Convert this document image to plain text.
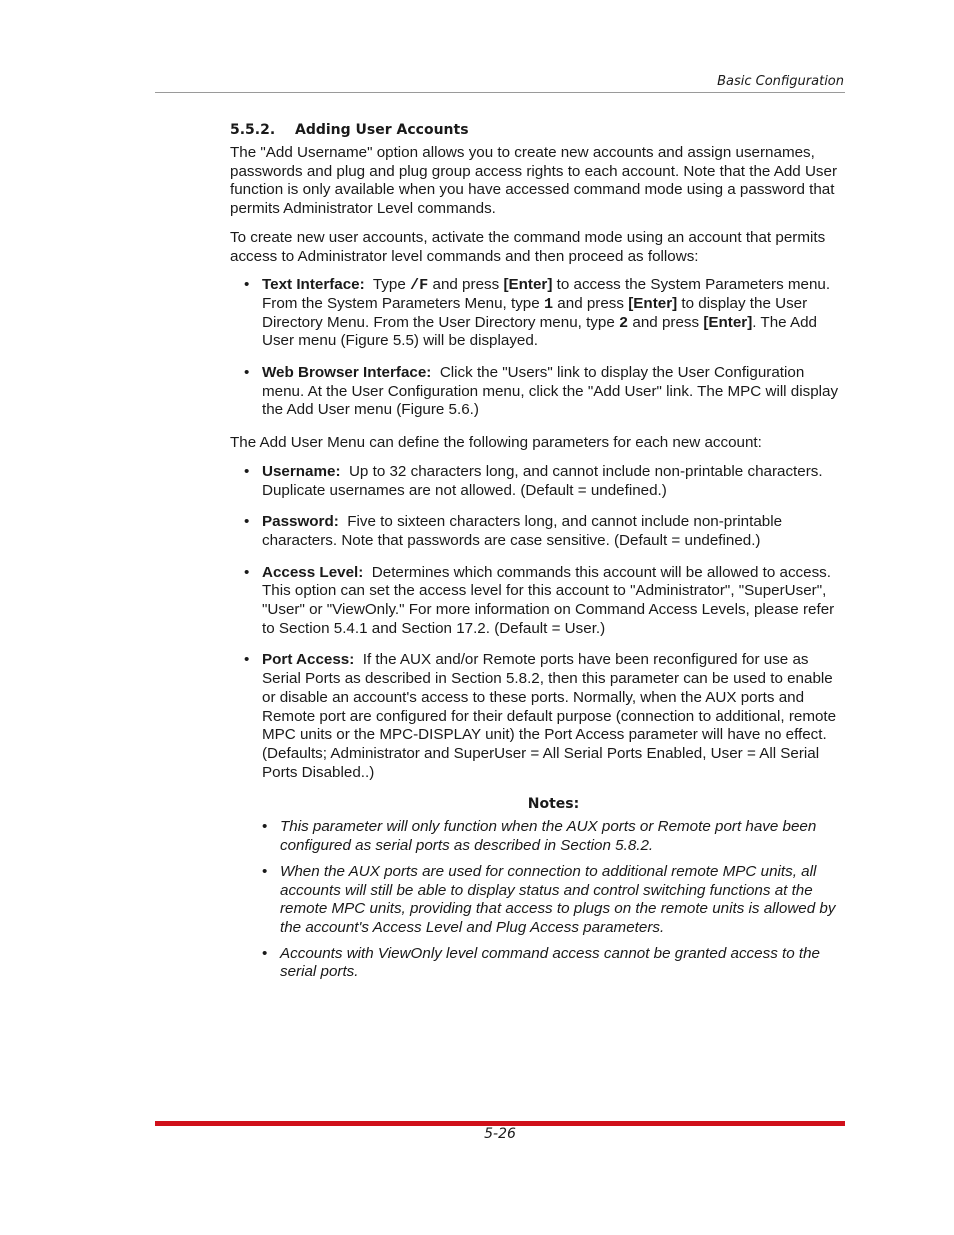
Basic Configuration
5.5.2. Adding User Accounts

The "Add Username" option allows you to create new accounts and assign usernames, passwords and plug and plug group access rights to each account. Note that the Add User function is only available when you have accessed command mode using a password that permits Administrator Level commands.

To create new user accounts, activate the command mode using an account that permits access to Administrator level commands and then proceed as follows:

• Text Interface: Type /F and press [Enter] to access the System Parameters menu. From the System Parameters Menu, type 1 and press [Enter] to display the User Directory Menu. From the User Directory menu, type 2 and press [Enter]. The Add User menu (Figure 5.5) will be displayed.
• Web Browser Interface: Click the "Users" link to display the User Configuration menu. At the User Configuration menu, click the "Add User" link. The MPC will display the Add User menu (Figure 5.6.)

The Add User Menu can define the following parameters for each new account:

• Username: Up to 32 characters long, and cannot include non-printable characters. Duplicate usernames are not allowed. (Default = undefined.)
• Password: Five to sixteen characters long, and cannot include non-printable characters. Note that passwords are case sensitive. (Default = undefined.)
• Access Level: Determines which commands this account will be allowed to access. This option can set the access level for this account to "Administrator", "SuperUser", "User" or "ViewOnly." For more information on Command Access Levels, please refer to Section 5.4.1 and Section 17.2. (Default = User.)
• Port Access: If the AUX and/or Remote ports have been reconfigured for use as Serial Ports as described in Section 5.8.2, then this parameter can be used to enable or disable an account's access to these ports. Normally, when the AUX ports and Remote port are configured for their default purpose (connection to additional, remote MPC units or the MPC-DISPLAY unit) the Port Access parameter will have no effect. (Defaults; Administrator and SuperUser = All Serial Ports Enabled, User = All Serial Ports Disabled..)
Notes:
• This parameter will only function when the AUX ports or Remote port have been configured as serial ports as described in Section 5.8.2.
• When the AUX ports are used for connection to additional remote MPC units, all accounts will still be able to display status and control switching functions at the remote MPC units, providing that access to plugs on the remote units is allowed by the account's Access Level and Plug Access parameters.
• Accounts with ViewOnly level command access cannot be granted access to the serial ports.
5-26
